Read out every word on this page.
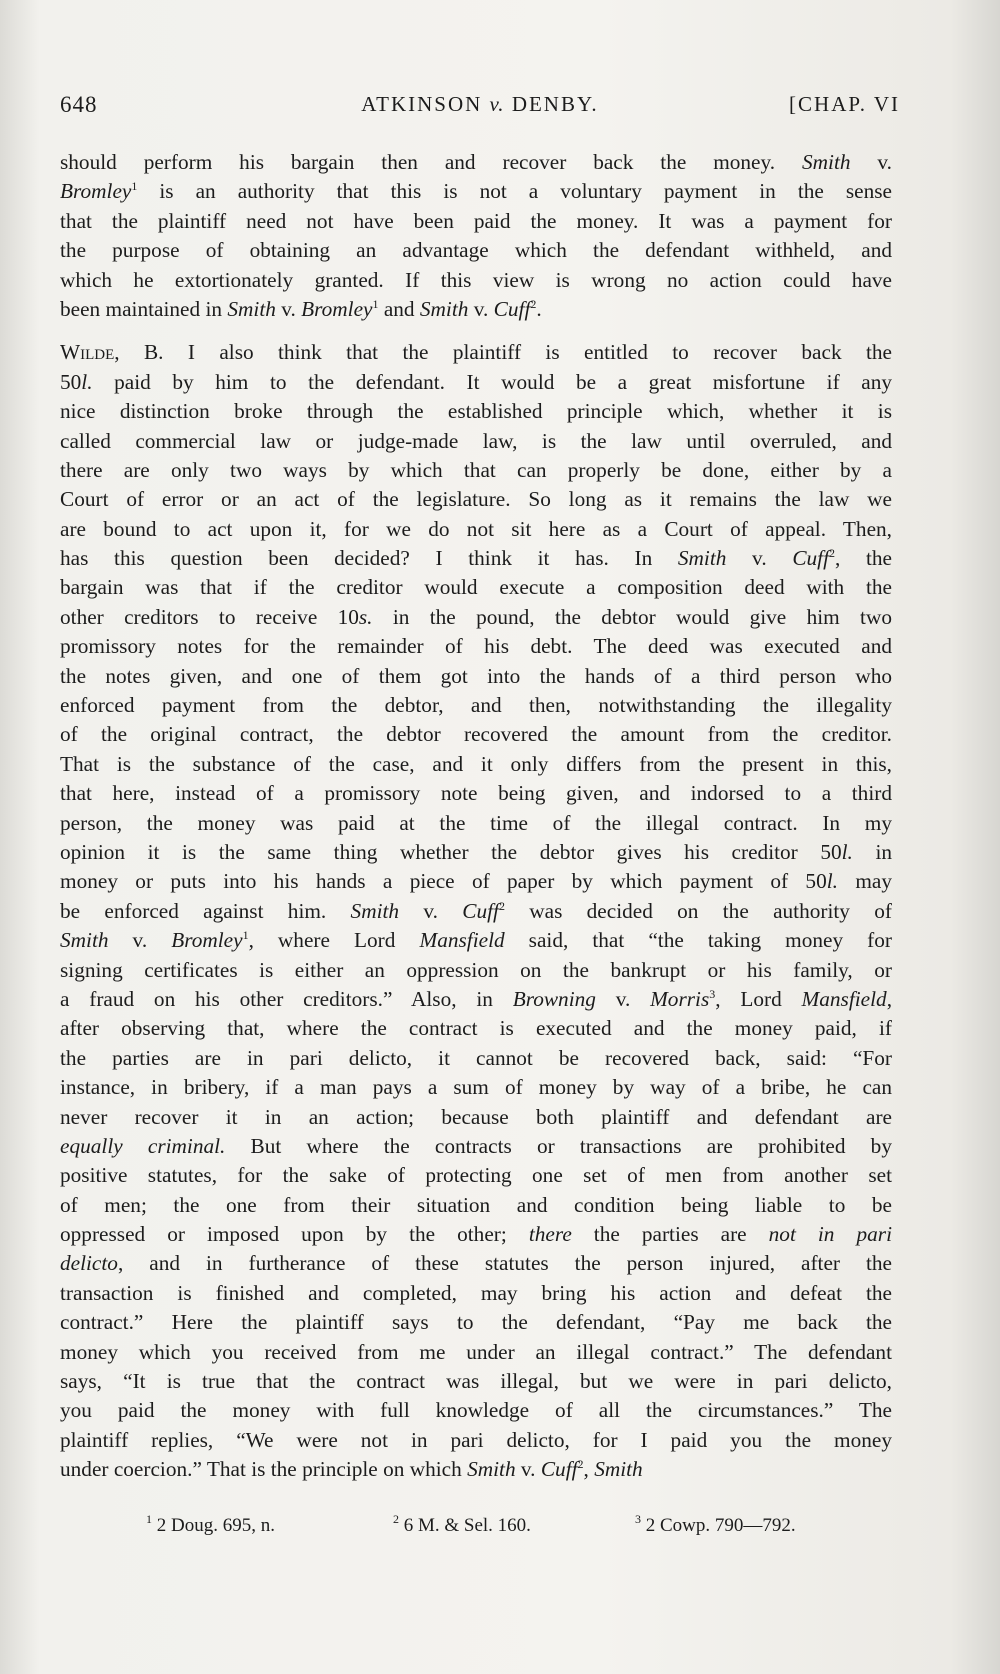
648	ATKINSON v. DENBY.	[CHAP. VI
should perform his bargain then and recover back the money. Smith v.
Bromley$^1$ is an authority that this is not a voluntary payment in the sense
that the plaintiff need not have been paid the money. It was a payment for
the purpose of obtaining an advantage which the defendant withheld, and
which he extortionately granted. If this view is wrong no action could have
been maintained in Smith v. Bromley$^1$ and Smith v. Cuff$^2$.
Wilde, B. I also think that the plaintiff is entitled to recover back the
50l. paid by him to the defendant. It would be a great misfortune if any
nice distinction broke through the established principle which, whether it is
called commercial law or judge-made law, is the law until overruled, and
there are only two ways by which that can properly be done, either by a
Court of error or an act of the legislature. So long as it remains the law we
are bound to act upon it, for we do not sit here as a Court of appeal. Then,
has this question been decided? I think it has. In Smith v. Cuff$^2$, the
bargain was that if the creditor would execute a composition deed with the
other creditors to receive 10s. in the pound, the debtor would give him two
promissory notes for the remainder of his debt. The deed was executed and
the notes given, and one of them got into the hands of a third person who
enforced payment from the debtor, and then, notwithstanding the illegality
of the original contract, the debtor recovered the amount from the creditor.
That is the substance of the case, and it only differs from the present in this,
that here, instead of a promissory note being given, and indorsed to a third
person, the money was paid at the time of the illegal contract. In my
opinion it is the same thing whether the debtor gives his creditor 50l. in
money or puts into his hands a piece of paper by which payment of 50l. may
be enforced against him. Smith v. Cuff$^2$ was decided on the authority of
Smith v. Bromley$^1$, where Lord Mansfield said, that “the taking money for
signing certificates is either an oppression on the bankrupt or his family, or
a fraud on his other creditors.” Also, in Browning v. Morris$^3$, Lord Mansfield,
after observing that, where the contract is executed and the money paid, if
the parties are in pari delicto, it cannot be recovered back, said: “For
instance, in bribery, if a man pays a sum of money by way of a bribe, he can
never recover it in an action; because both plaintiff and defendant are
equally criminal. But where the contracts or transactions are prohibited by
positive statutes, for the sake of protecting one set of men from another set
of men; the one from their situation and condition being liable to be
oppressed or imposed upon by the other; there the parties are not in pari
delicto, and in furtherance of these statutes the person injured, after the
transaction is finished and completed, may bring his action and defeat the
contract.” Here the plaintiff says to the defendant, “Pay me back the
money which you received from me under an illegal contract.” The defendant
says, “It is true that the contract was illegal, but we were in pari delicto,
you paid the money with full knowledge of all the circumstances.” The
plaintiff replies, “We were not in pari delicto, for I paid you the money
under coercion.” That is the principle on which Smith v. Cuff$^2$, Smith
$^1$ 2 Doug. 695, n.	$^2$ 6 M. & Sel. 160.	$^3$ 2 Cowp. 790—792.
